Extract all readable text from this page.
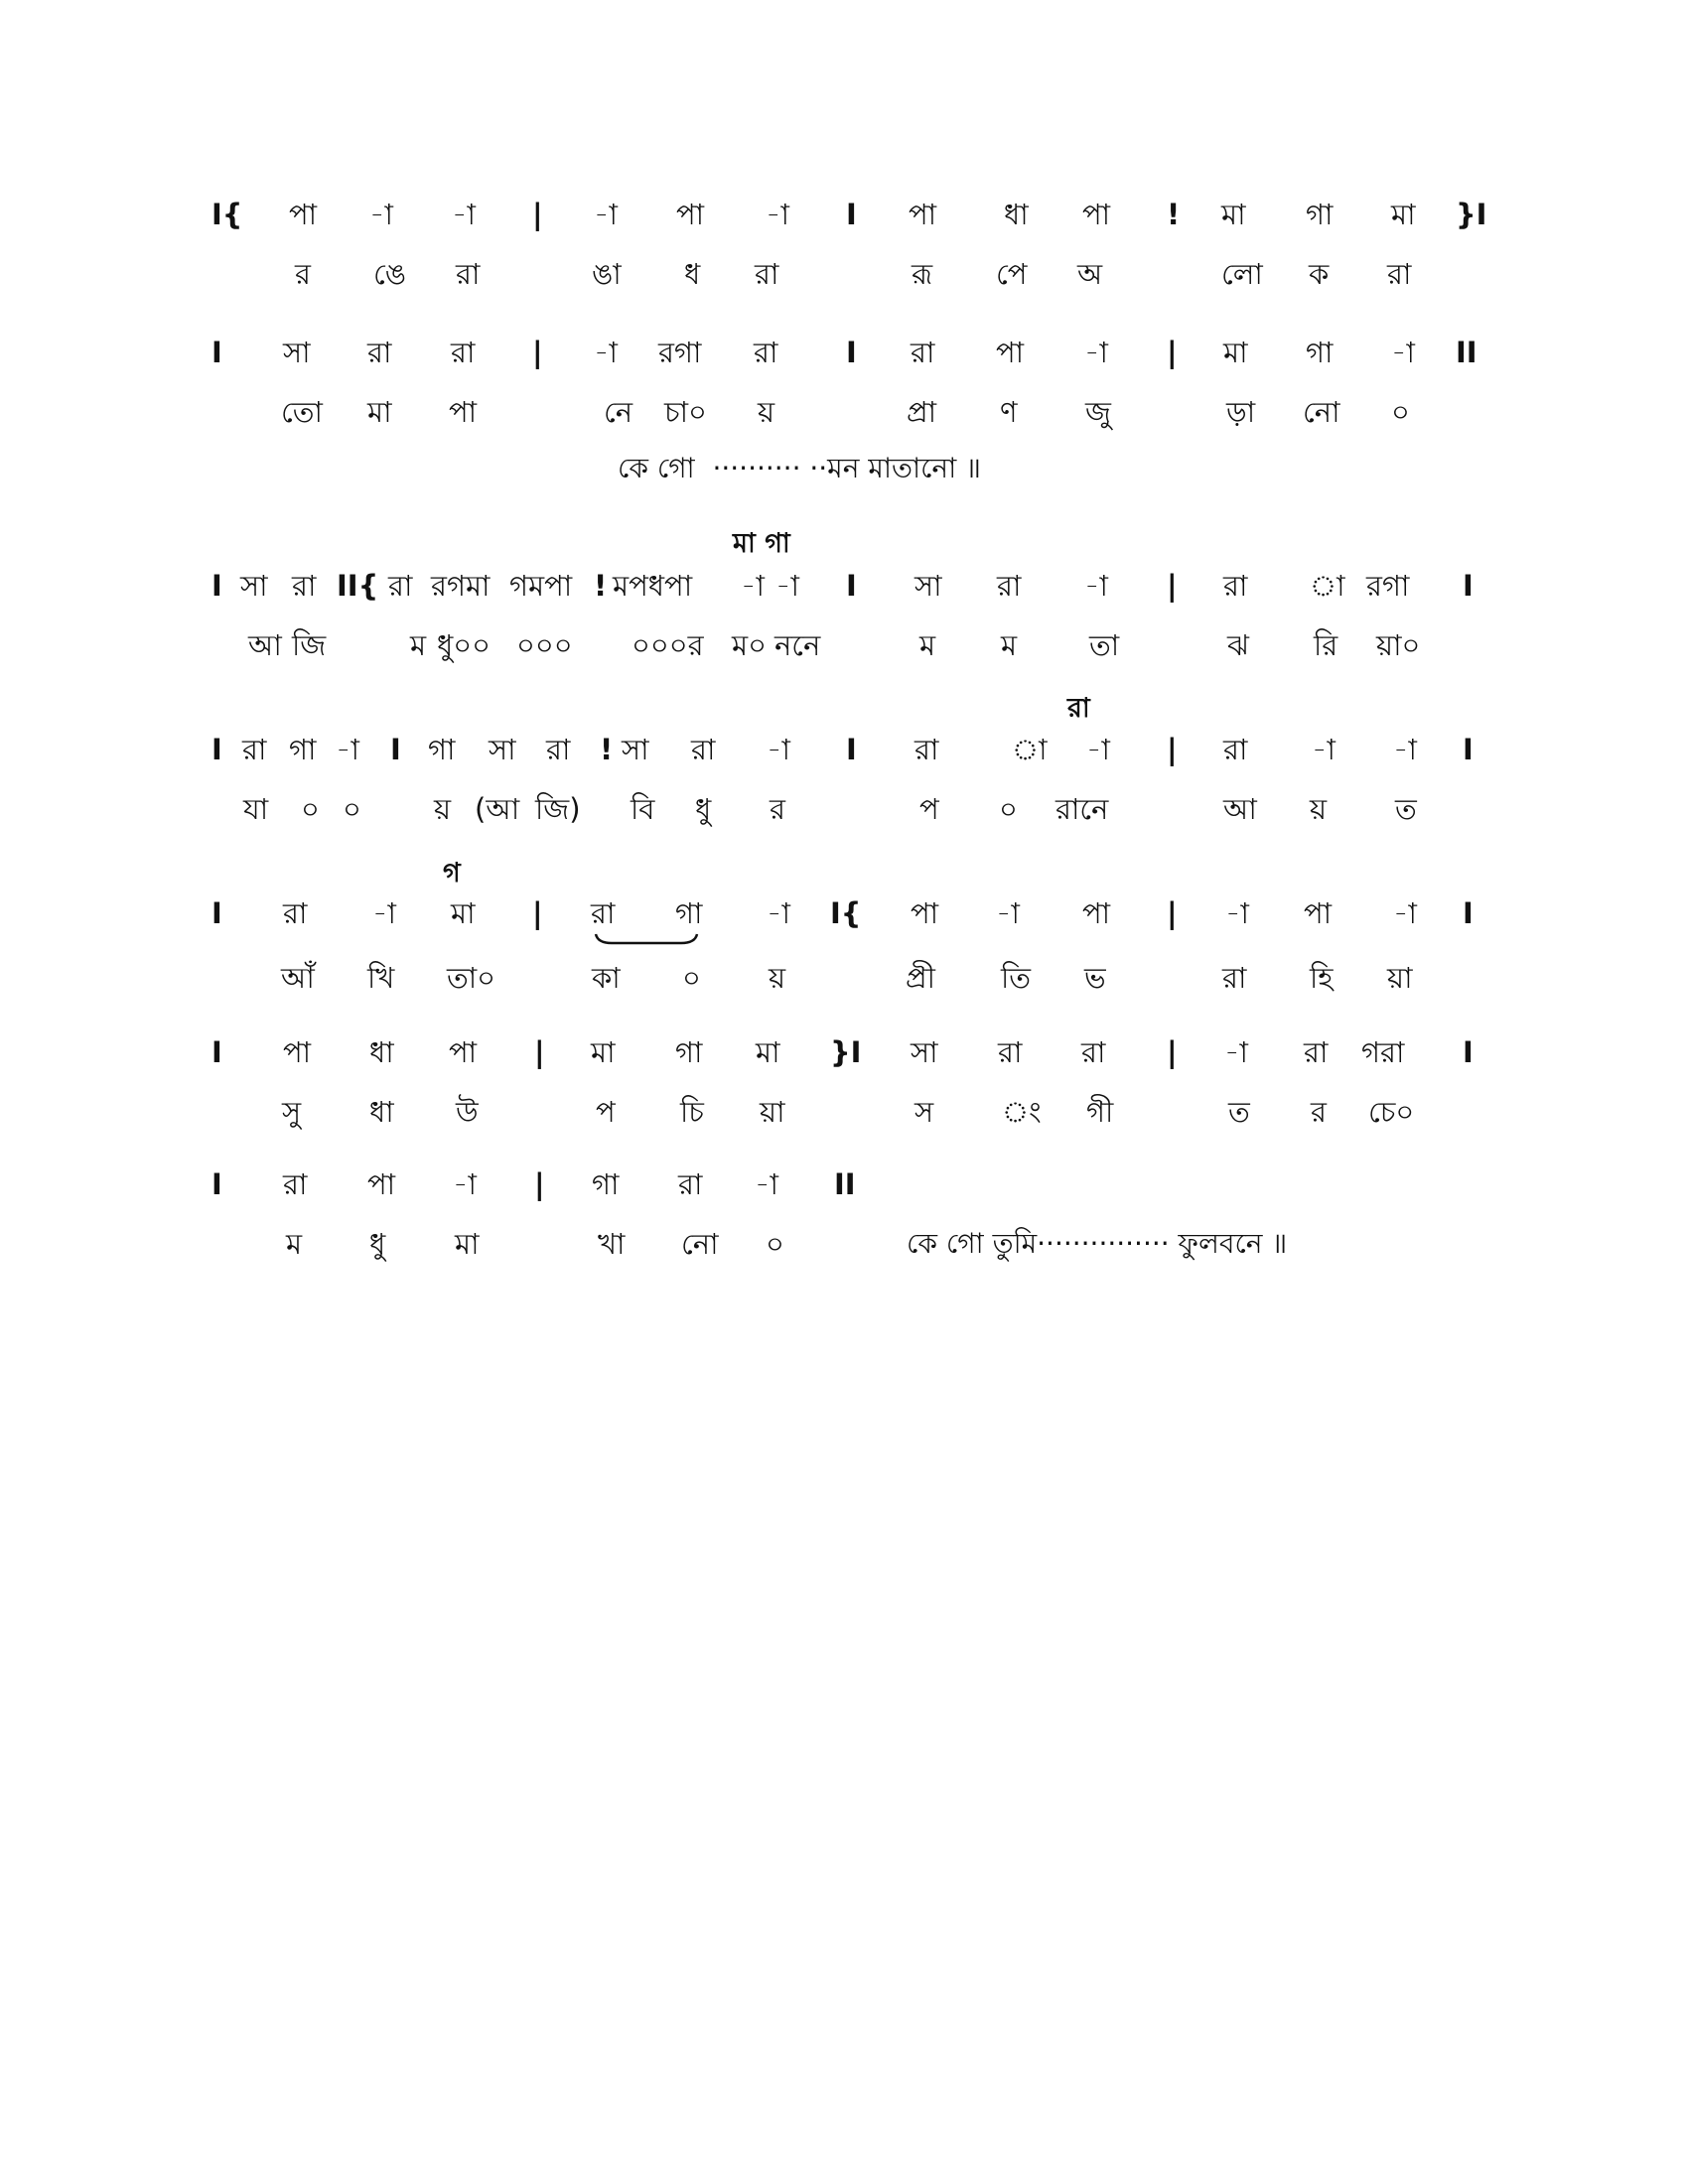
I{ পা -া -া | -া পা -া I পা ধা পা ! মা গা মা }I
র ঙে রা	ঙা ধ রা	রূ পে অ	লো ক রা
I সা রা রা | -া রগা রা I রা পা -া | মা গা -া II
তো মা পা	নে চা০ য়	প্রা ণ জু	ড়া নো ০
কে গো  ·········· ··মন মাতানো ॥
মা গা
I সা রা II{ রা রগমা গমপা ! মপধপা -া -া I সা রা -া | রা া রগা I
আ জি	ম ধু০০ ০০০ ০০০র ম০ ননে	ম ম	তা	ঝ রি য়া০
রা
I রা গা -া I গা সা রা ! সা রা -া I রা	া -া | রা -া -া I
যা ০ ০	য় (আ জি) বি ধু র	প ০ রানে	আ য় ত
গ
I রা -া মা | রা গা -া I{ পা -া পা | -া পা -া I
আঁ খি তা০	কা ০ য়	প্রী তি ভ	রা হি য়া
I পা ধা পা | মা গা মা }I সা রা রা | -া রা গরা I
সু ধা উ	প চি য়া	স ং গী	ত র চে০
I রা পা -া | গা রা -া II
ম ধু মা	খা নো ০	কে গো তুমি··············· ফুলবনে ॥
